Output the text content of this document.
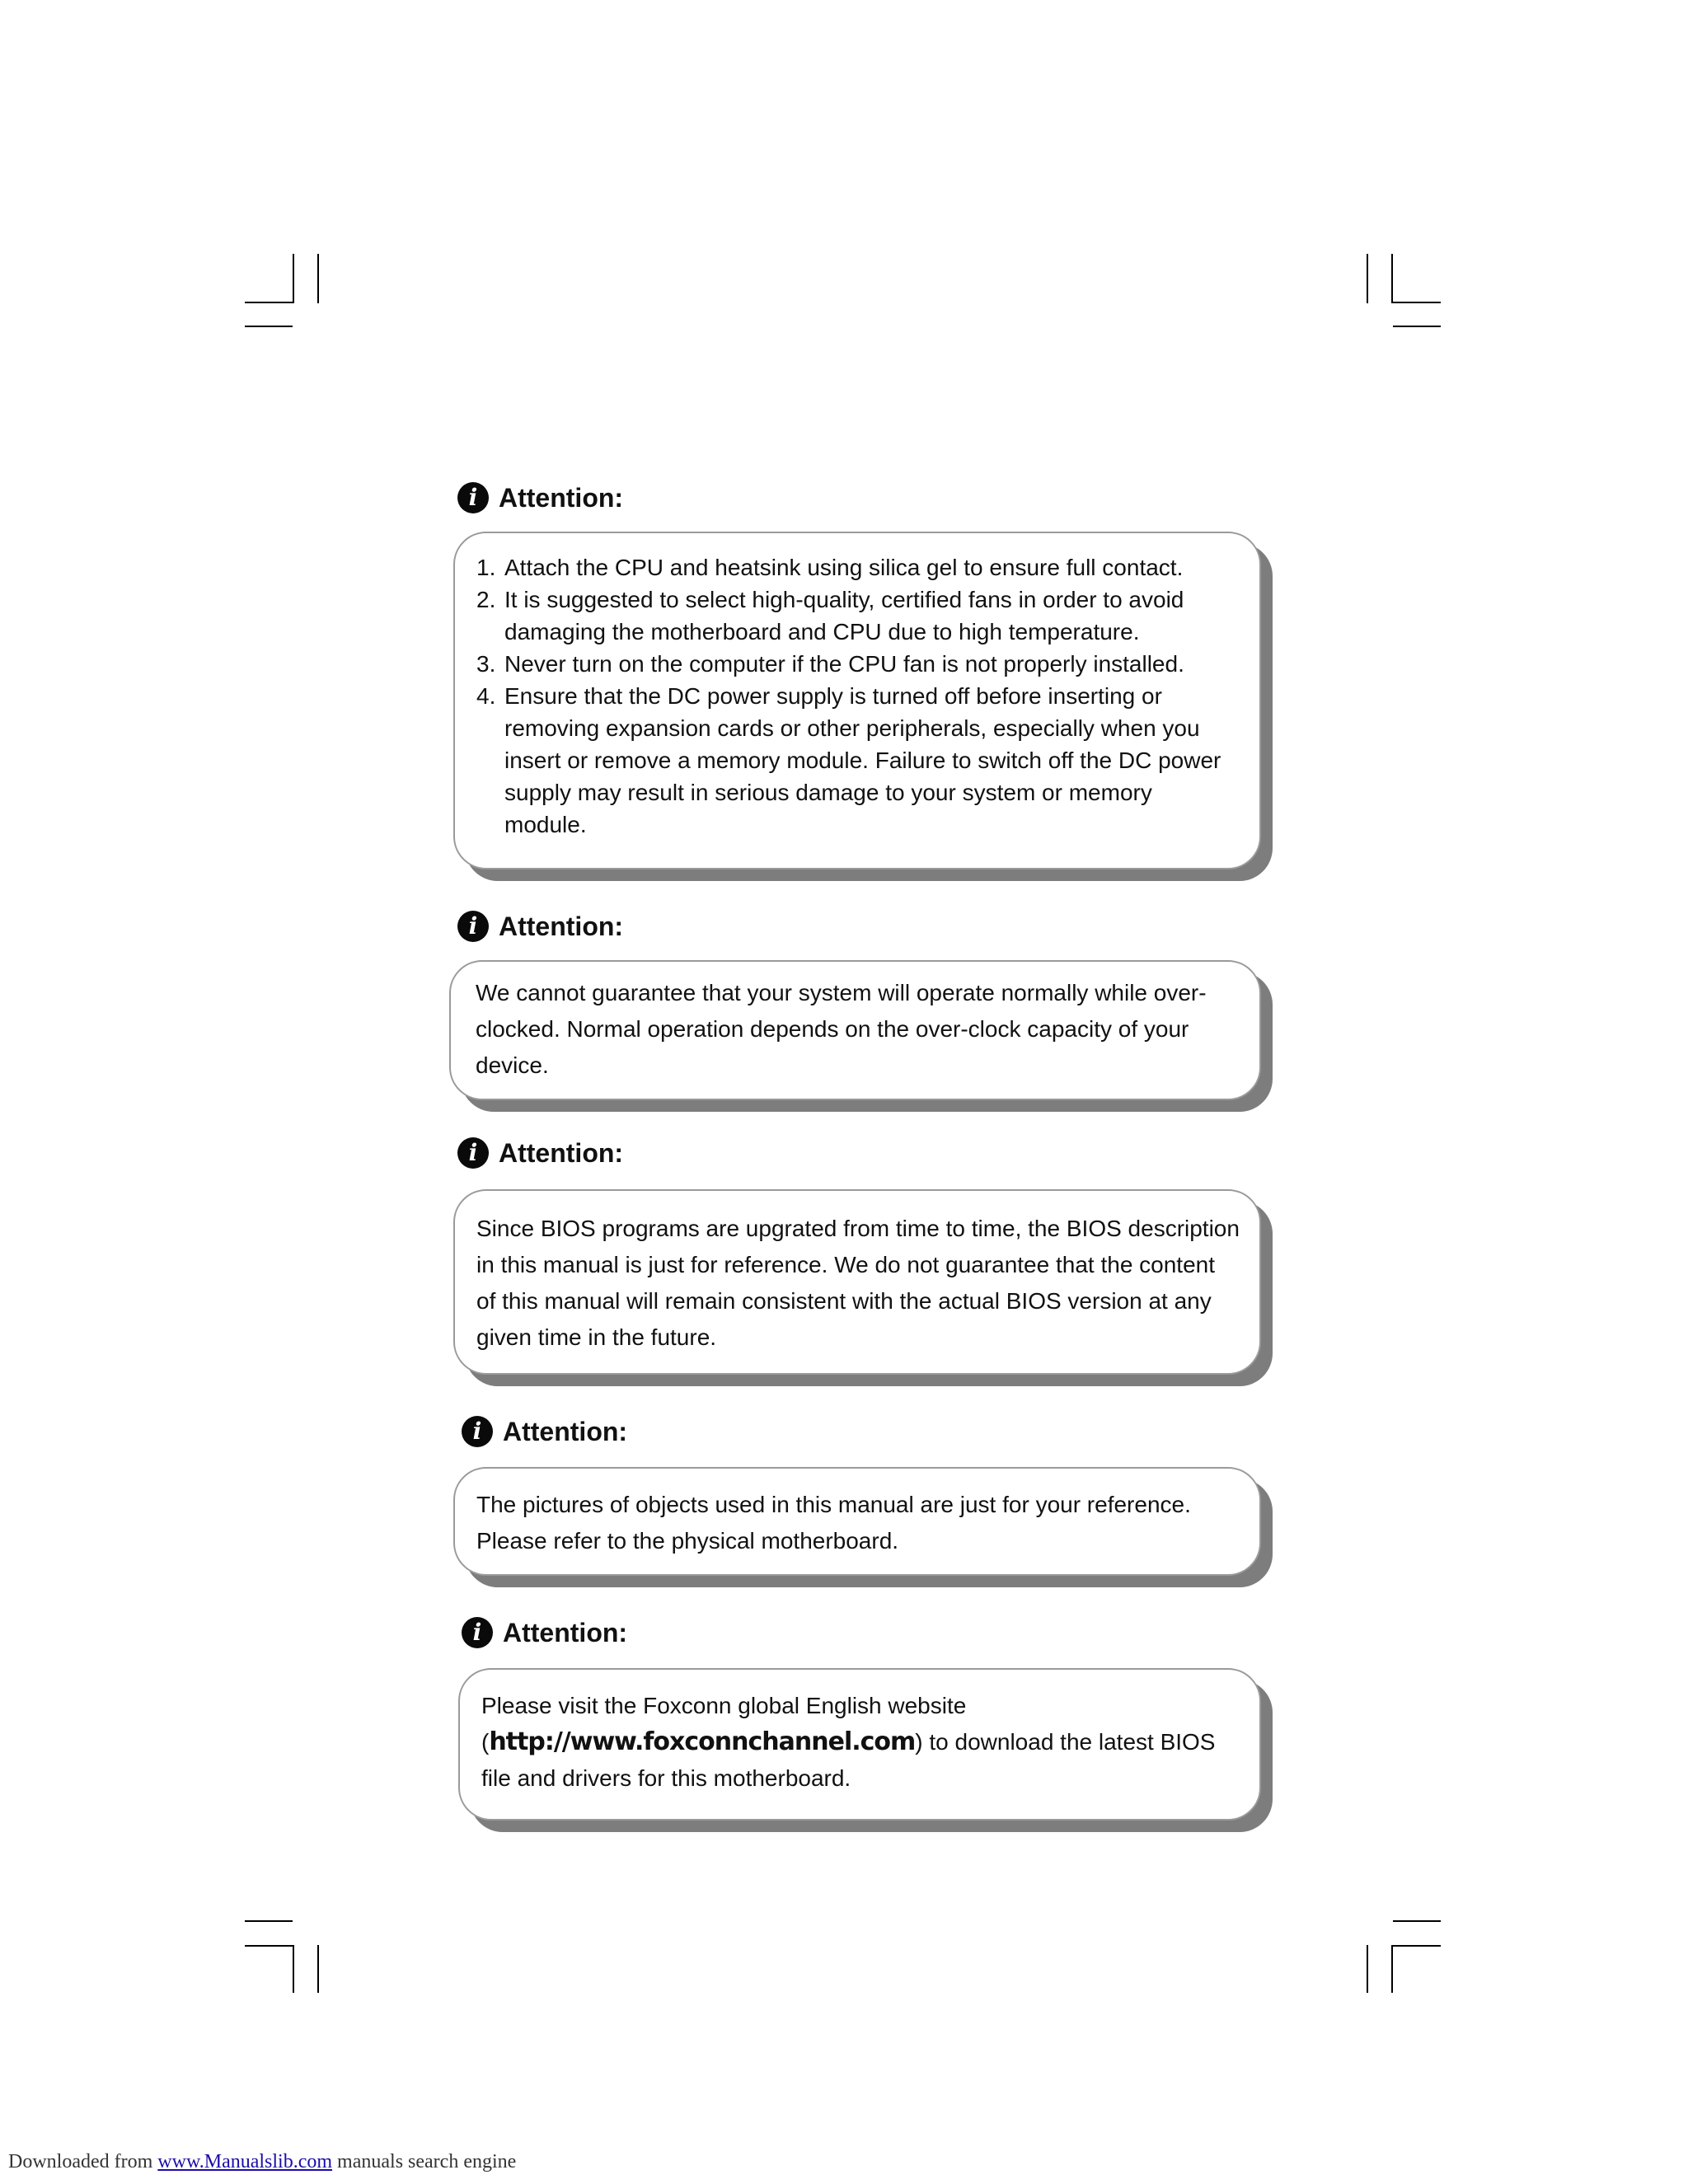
i Attention:
1. Attach the CPU and heatsink using silica gel to ensure full contact.
2. It is suggested to select high-quality, certified fans in order to avoid damaging the motherboard and CPU due to high temperature.
3. Never turn on the computer if the CPU fan is not properly installed.
4. Ensure that the DC power supply is turned off before inserting or removing expansion cards or other peripherals, especially when you insert or remove a memory module. Failure to switch off the DC power supply may result in serious damage to your system or memory module.
i Attention:

We cannot guarantee that your system will operate normally while over-clocked. Normal operation depends on the over-clock capacity of your device.

i Attention:

Since BIOS programs are upgrated from time to time, the BIOS description in this manual is just for reference. We do not guarantee that the content of this manual will remain consistent with the actual BIOS version at any given time in the future.

i Attention:

The pictures of objects used in this manual are just for your reference. Please refer to the physical motherboard.

i Attention:

Please visit the Foxconn global English website (http://www.foxconnchannel.com) to download the latest BIOS file and drivers for this motherboard.

Downloaded from www.Manualslib.com manuals search engine
